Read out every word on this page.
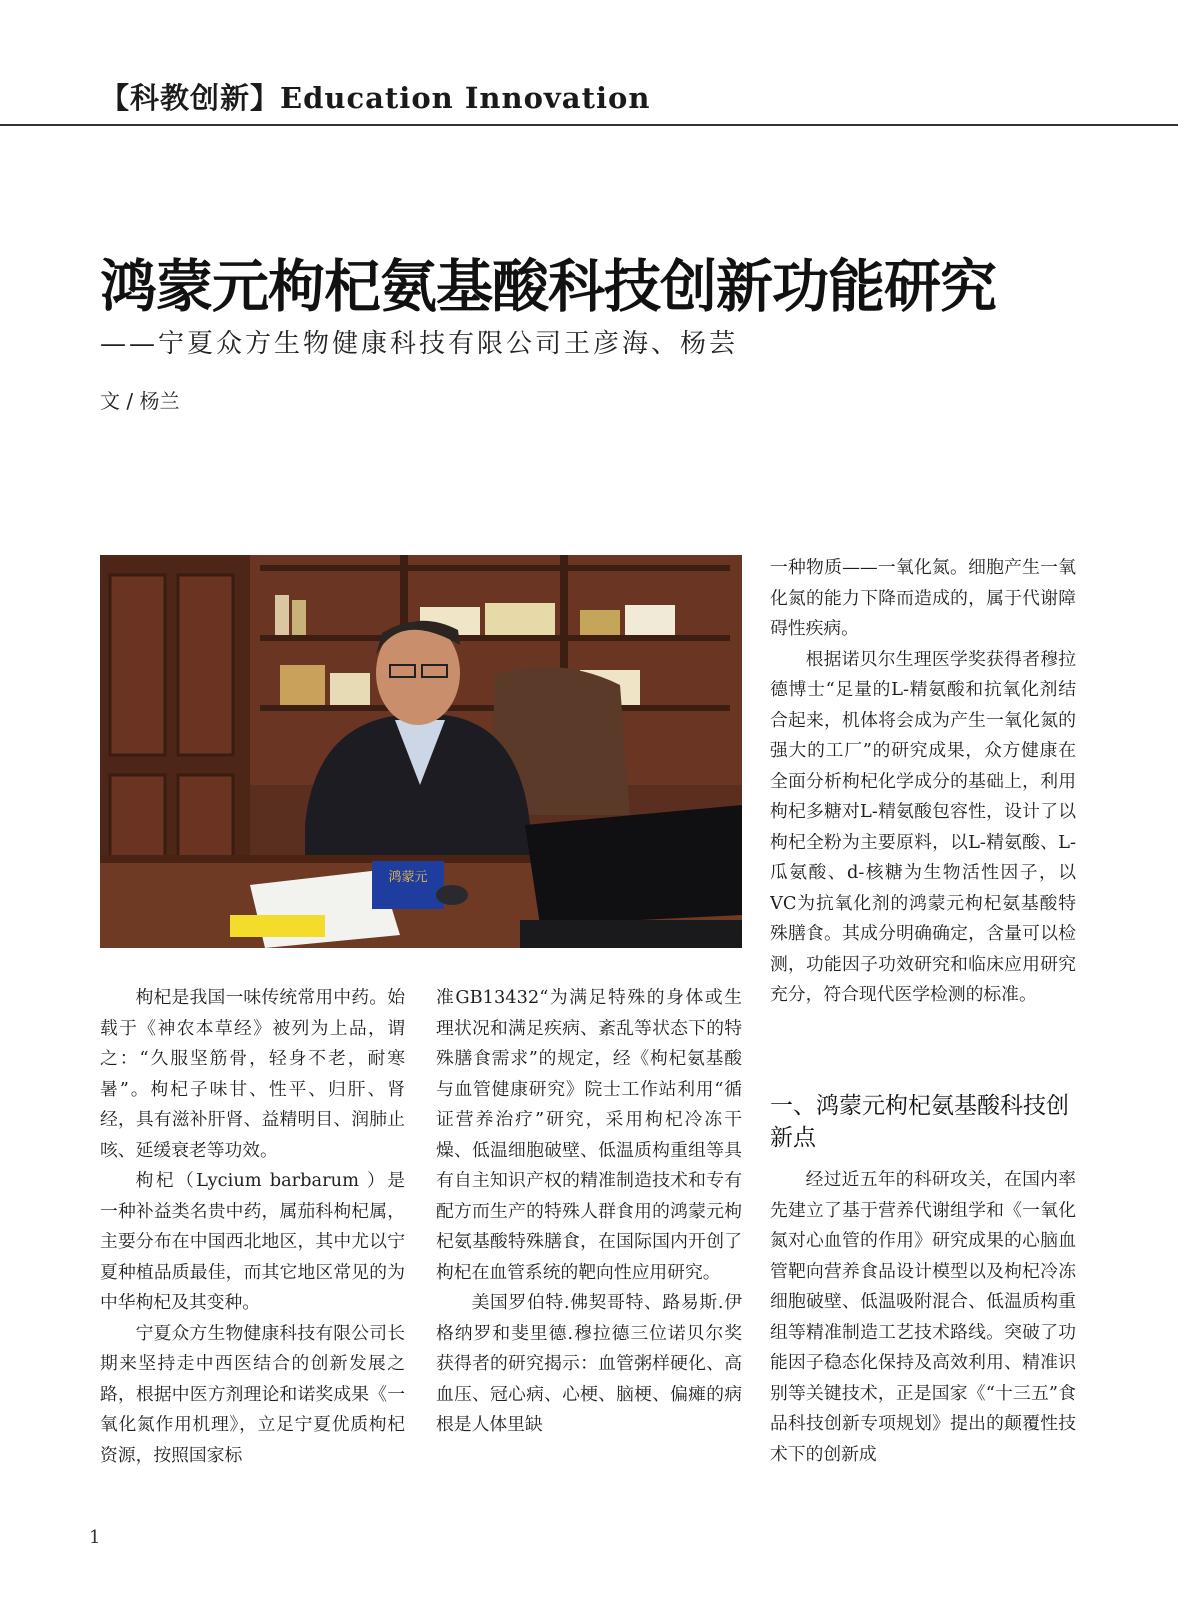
【科教创新】Education Innovation
鸿蒙元枸杞氨基酸科技创新功能研究
——宁夏众方生物健康科技有限公司王彦海、杨芸
文 / 杨兰
鸿蒙元

枸杞是我国一味传统常用中药。始载于《神农本草经》被列为上品，谓之：“久服坚筋骨，轻身不老，耐寒暑”。枸杞子味甘、性平、归肝、肾经，具有滋补肝肾、益精明目、润肺止咳、延缓衰老等功效。

枸杞（Lycium barbarum ）是一种补益类名贵中药，属茄科枸杞属，主要分布在中国西北地区，其中尤以宁夏种植品质最佳，而其它地区常见的为中华枸杞及其变种。

宁夏众方生物健康科技有限公司长期来坚持走中西医结合的创新发展之路，根据中医方剂理论和诺奖成果《一氧化氮作用机理》，立足宁夏优质枸杞资源，按照国家标

准GB13432“为满足特殊的身体或生理状况和满足疾病、紊乱等状态下的特殊膳食需求”的规定，经《枸杞氨基酸与血管健康研究》院士工作站利用“循证营养治疗”研究，采用枸杞冷冻干燥、低温细胞破壁、低温质构重组等具有自主知识产权的精准制造技术和专有配方而生产的特殊人群食用的鸿蒙元枸杞氨基酸特殊膳食，在国际国内开创了枸杞在血管系统的靶向性应用研究。

美国罗伯特.佛契哥特、路易斯.伊格纳罗和斐里德.穆拉德三位诺贝尔奖获得者的研究揭示：血管粥样硬化、高血压、冠心病、心梗、脑梗、偏瘫的病根是人体里缺

一种物质——一氧化氮。细胞产生一氧化氮的能力下降而造成的，属于代谢障碍性疾病。

根据诺贝尔生理医学奖获得者穆拉德博士“足量的L-精氨酸和抗氧化剂结合起来，机体将会成为产生一氧化氮的强大的工厂”的研究成果，众方健康在全面分析枸杞化学成分的基础上，利用枸杞多糖对L-精氨酸包容性，设计了以枸杞全粉为主要原料，以L-精氨酸、L-瓜氨酸、d-核糖为生物活性因子，以VC为抗氧化剂的鸿蒙元枸杞氨基酸特殊膳食。其成分明确确定，含量可以检测，功能因子功效研究和临床应用研究充分，符合现代医学检测的标准。

一、鸿蒙元枸杞氨基酸科技创新点

经过近五年的科研攻关，在国内率先建立了基于营养代谢组学和《一氧化氮对心血管的作用》研究成果的心脑血管靶向营养食品设计模型以及枸杞冷冻细胞破壁、低温吸附混合、低温质构重组等精准制造工艺技术路线。突破了功能因子稳态化保持及高效利用、精准识别等关键技术，正是国家《“十三五”食品科技创新专项规划》提出的颠覆性技术下的创新成

1
